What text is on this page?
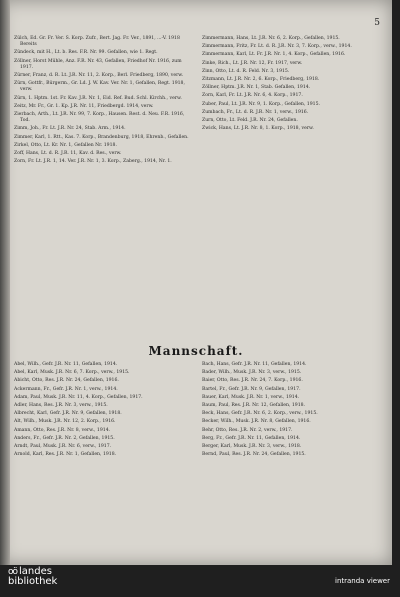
5

Zülch, Ed. Gr. Fr. Ver. S. Korp. Zufr., Bert. Jag. Fr. Ver., 1891, ...-V. 1918 Bereits

Zündeck, mit H., Lt. b. Res. F.R. Nr. 99. Gefallen, wie 1. Regt.

Zöllner, Horst Mühle, Anz. F.R. Nr. 43, Gefallen, Friedhof Nr. 1916, zum 1917.

Zürner, Franz, d. R. Lt. J.R. Nr. 11, 2. Korp., Berl. Friedberg, 1890, verw.

Zürn, Gottfr., Bürgerm., Gr. Ld. J. W. Kav. Ver. Nr. 1, Gefallen, Regt. 1918, verw.

Zürn, 1. Hptm. 1st. Fr. Kav. J.R. Nr. 1, Eid. Ref. Bud. Schl. Kirchh., verw.

Zeitz, Mr. Fr., Gr. 1. Kp. J.R. Nr. 11, Friedbergd. 1914, verw.

Zierbach, Arth., Lt. J.R. Nr. 99, 7. Korp., Hausen. Rest. d. Neu. F.R. 1916, Tod.

Zimm, Joh., Fr. Lt. J.R. Nr. 24, Stab. Arm., 1914.

Zimmer, Karl, 1. Rtt., Kas. 7. Korp., Brandenburg, 1918, Ehrenb., Gefallen.

Zirkel, Otto, Lt. Kr. Nr. 1, Gefallen Nr. 1918.

Zoff, Hans, Lt. d. R. J.R. 11, Kav. d. Res., verw.

Zorn, Fr. Lt. J.R. 1, 14. Ver. J.R. Nr. 1, 3. Korp., Zaberg., 1914, Nr. 1.

Zimmermann, Hans, Lt. J.R. Nr. 6, 2. Korp., Gefallen, 1915.

Zimmermann, Fritz, Fr. Lt. d. R. J.R. Nr. 3, 7. Korp., verw., 1914.

Zimmermann, Karl, Lt. Fr. J.R. Nr. 1, 4. Korp., Gefallen, 1916.

Zinke, Rich., Lt. J.R. Nr. 12, Fr. 1917, verw.

Zinn, Otto, Lt. d. R. Feld. Nr. 3, 1915.

Zitzmann, Lt. J.R. Nr. 2, 6. Korp., Friedberg, 1918.

Zöllner, Hptm. J.R. Nr. 1, Stab. Gefallen, 1914.

Zorn, Karl, Fr. Lt. J.R. Nr. 6, 4. Korp., 1917.

Zuber, Paul, Lt. J.R. Nr. 9, 1. Korp., Gefallen, 1915.

Zumbach, Fr., Lt. d. R. J.R. Nr. 1, verw., 1916.

Zurn, Otto, Lt. Feld. J.R. Nr. 24, Gefallen.

Zwick, Hans, Lt. J.R. Nr. 8, 1. Korp., 1918, verw.

Mannschaft.

Abel, Wilh., Gefr. J.R. Nr. 11, Gefallen, 1914.

Abel, Karl, Musk. J.R. Nr. 6, 7. Korp., verw., 1915.

Abicht, Otto, Res. J.R. Nr. 24, Gefallen, 1916.

Ackermann, Fr., Gefr. J.R. Nr. 1, verw., 1914.

Adam, Paul, Musk. J.R. Nr. 11, 4. Korp., Gefallen, 1917.

Adler, Hans, Res. J.R. Nr. 3, verw., 1915.

Albrecht, Karl, Gefr. J.R. Nr. 9, Gefallen, 1918.

Alt, Wilh., Musk. J.R. Nr. 12, 2. Korp., 1916.

Amann, Otto, Res. J.R. Nr. 8, verw., 1914.

Anders, Fr., Gefr. J.R. Nr. 2, Gefallen, 1915.

Arndt, Paul, Musk. J.R. Nr. 6, verw., 1917.

Arnold, Karl, Res. J.R. Nr. 1, Gefallen, 1918.

Bach, Hans, Gefr. J.R. Nr. 11, Gefallen, 1914.

Bader, Wilh., Musk. J.R. Nr. 3, verw., 1915.

Baier, Otto, Res. J.R. Nr. 24, 7. Korp., 1916.

Bartel, Fr., Gefr. J.R. Nr. 9, Gefallen, 1917.

Bauer, Karl, Musk. J.R. Nr. 1, verw., 1914.

Baum, Paul, Res. J.R. Nr. 12, Gefallen, 1918.

Beck, Hans, Gefr. J.R. Nr. 6, 2. Korp., verw., 1915.

Becker, Wilh., Musk. J.R. Nr. 8, Gefallen, 1916.

Behr, Otto, Res. J.R. Nr. 2, verw., 1917.

Berg, Fr., Gefr. J.R. Nr. 11, Gefallen, 1914.

Berger, Karl, Musk. J.R. Nr. 3, verw., 1918.

Bernd, Paul, Res. J.R. Nr. 24, Gefallen, 1915.

oö landes
bibliothek	intranda viewer
